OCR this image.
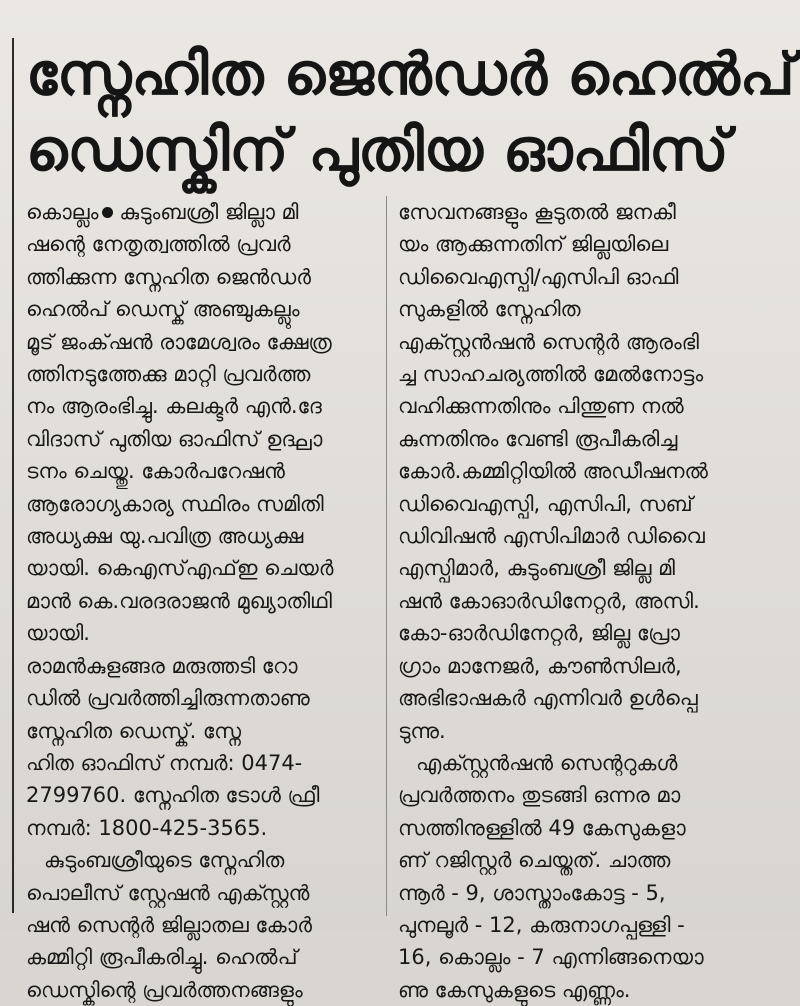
സ്നേഹിത ജെൻഡർ ഹെൽപ്
ഡെസ്കിന് പുതിയ ഓഫിസ്
കൊല്ലം കുടുംബശ്രീ ജില്ലാ മി
ഷന്റെ നേതൃത്വത്തിൽ പ്രവർ
ത്തിക്കുന്ന സ്നേഹിത ജെൻഡർ
ഹെൽപ് ഡെസ്ക് അഞ്ചുകല്ലും
മൂട് ജംക്‌ഷൻ രാമേശ്വരം ക്ഷേത്ര
ത്തിനടുത്തേക്കു മാറ്റി പ്രവർത്ത
നം ആരംഭിച്ചു. കലക്ടർ എൻ.ദേ
വിദാസ് പുതിയ ഓഫിസ് ഉദ്ഘാ
ടനം ചെയ്തു. കോർപറേഷൻ
ആരോഗ്യകാര്യ സ്ഥിരം സമിതി
അധ്യക്ഷ യു.പവിത്ര അധ്യക്ഷ
യായി. കെഎസ്എഫ്ഇ ചെയർ
മാൻ കെ.വരദരാജൻ മുഖ്യാതിഥി
യായി.
രാമൻകുളങ്ങര മരുത്തടി റോ
ഡിൽ പ്രവർത്തിച്ചിരുന്നതാണു
സ്നേഹിത ഡെസ്ക്. സ്നേ
ഹിത ഓഫിസ് നമ്പർ: 0474-
2799760. സ്നേഹിത ടോൾ ഫ്രീ
നമ്പർ: 1800-425-3565.
കുടുംബശ്രീയുടെ സ്നേഹിത
പൊലീസ് സ്റ്റേഷൻ എക്സ്റ്റൻ
ഷൻ സെന്റർ ജില്ലാതല കോർ
കമ്മിറ്റി രൂപീകരിച്ചു. ഹെൽപ്
ഡെസ്കിന്റെ പ്രവർത്തനങ്ങളും
സേവനങ്ങളും കൂടുതൽ ജനകീ
യം ആക്കുന്നതിന് ജില്ലയിലെ
ഡിവൈഎസ്പി/എസിപി ഓഫി
സുകളിൽ സ്നേഹിത
എക്സ്റ്റൻഷൻ സെന്റർ ആരംഭി
ച്ച സാഹചര്യത്തിൽ മേൽനോട്ടം
വഹിക്കുന്നതിനും പിന്തുണ നൽ
കുന്നതിനും വേണ്ടി രൂപീകരിച്ച
കോർ.കമ്മിറ്റിയിൽ അഡീഷനൽ
ഡിവൈഎസ്പി, എസിപി, സബ്
ഡിവിഷൻ എസിപിമാർ ഡിവൈ
എസ്പിമാർ, കുടുംബശ്രീ ജില്ല മി
ഷൻ കോഓർഡിനേറ്റർ, അസി.
കോ-ഓർഡിനേറ്റർ, ജില്ല പ്രോ
ഗ്രാം മാനേജർ, കൗൺസിലർ,
അഭിഭാഷകർ എന്നിവർ ഉൾപ്പെ
ടുന്നു.
എക്സ്റ്റൻഷൻ സെന്ററുകൾ
പ്രവർത്തനം തുടങ്ങി ഒന്നര മാ
സത്തിനുള്ളിൽ 49 കേസുകളാ
ണ് റജിസ്റ്റർ ചെയ്തത്. ചാത്ത
ന്നൂർ - 9, ശാസ്താംകോട്ട - 5,
പുനലൂർ - 12, കരുനാഗപ്പള്ളി -
16, കൊല്ലം - 7 എന്നിങ്ങനെയാ
ണു കേസുകളുടെ എണ്ണം.
